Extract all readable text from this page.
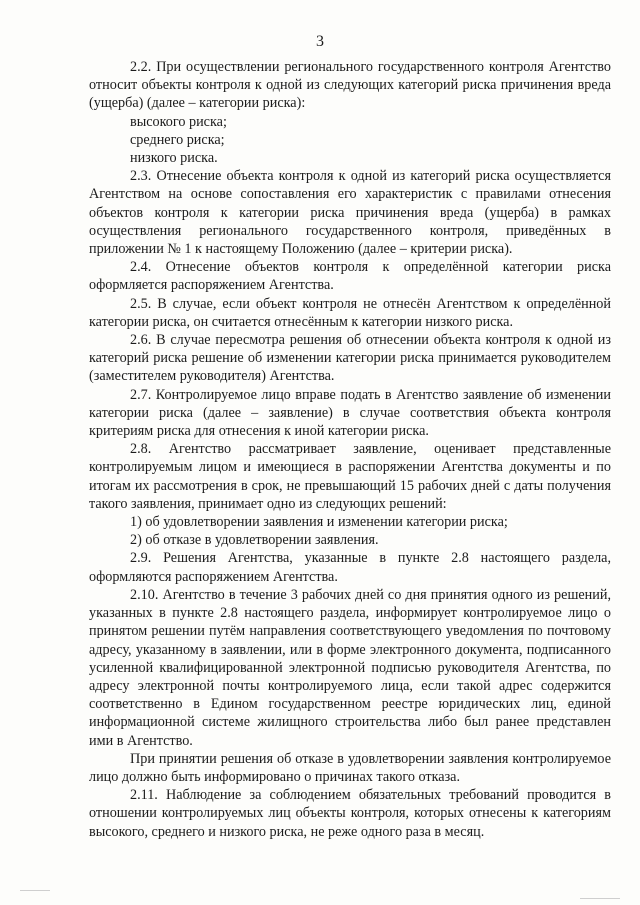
3

2.2. При осуществлении регионального государственного контроля Агентство относит объекты контроля к одной из следующих категорий риска причинения вреда (ущерба) (далее – категории риска):

высокого риска;

среднего риска;

низкого риска.

2.3. Отнесение объекта контроля к одной из категорий риска осуществляется Агентством на основе сопоставления его характеристик с правилами отнесения объектов контроля к категории риска причинения вреда (ущерба) в рамках осуществления регионального государственного контроля, приведённых в приложении № 1 к настоящему Положению (далее – критерии риска).

2.4. Отнесение объектов контроля к определённой категории риска оформляется распоряжением Агентства.

2.5. В случае, если объект контроля не отнесён Агентством к определённой категории риска, он считается отнесённым к категории низкого риска.

2.6. В случае пересмотра решения об отнесении объекта контроля к одной из категорий риска решение об изменении категории риска принимается руководителем (заместителем руководителя) Агентства.

2.7. Контролируемое лицо вправе подать в Агентство заявление об изменении категории риска (далее – заявление) в случае соответствия объекта контроля критериям риска для отнесения к иной категории риска.

2.8. Агентство рассматривает заявление, оценивает представленные контролируемым лицом и имеющиеся в распоряжении Агентства документы и по итогам их рассмотрения в срок, не превышающий 15 рабочих дней с даты получения такого заявления, принимает одно из следующих решений:

1) об удовлетворении заявления и изменении категории риска;

2) об отказе в удовлетворении заявления.

2.9. Решения Агентства, указанные в пункте 2.8 настоящего раздела, оформляются распоряжением Агентства.

2.10. Агентство в течение 3 рабочих дней со дня принятия одного из решений, указанных в пункте 2.8 настоящего раздела, информирует контролируемое лицо о принятом решении путём направления соответствующего уведомления по почтовому адресу, указанному в заявлении, или в форме электронного документа, подписанного усиленной квалифицированной электронной подписью руководителя Агентства, по адресу электронной почты контролируемого лица, если такой адрес содержится соответственно в Едином государственном реестре юридических лиц, единой информационной системе жилищного строительства либо был ранее представлен ими в Агентство.

При принятии решения об отказе в удовлетворении заявления контролируемое лицо должно быть информировано о причинах такого отказа.

2.11. Наблюдение за соблюдением обязательных требований проводится в отношении контролируемых лиц объекты контроля, которых отнесены к категориям высокого, среднего и низкого риска, не реже одного раза в месяц.
